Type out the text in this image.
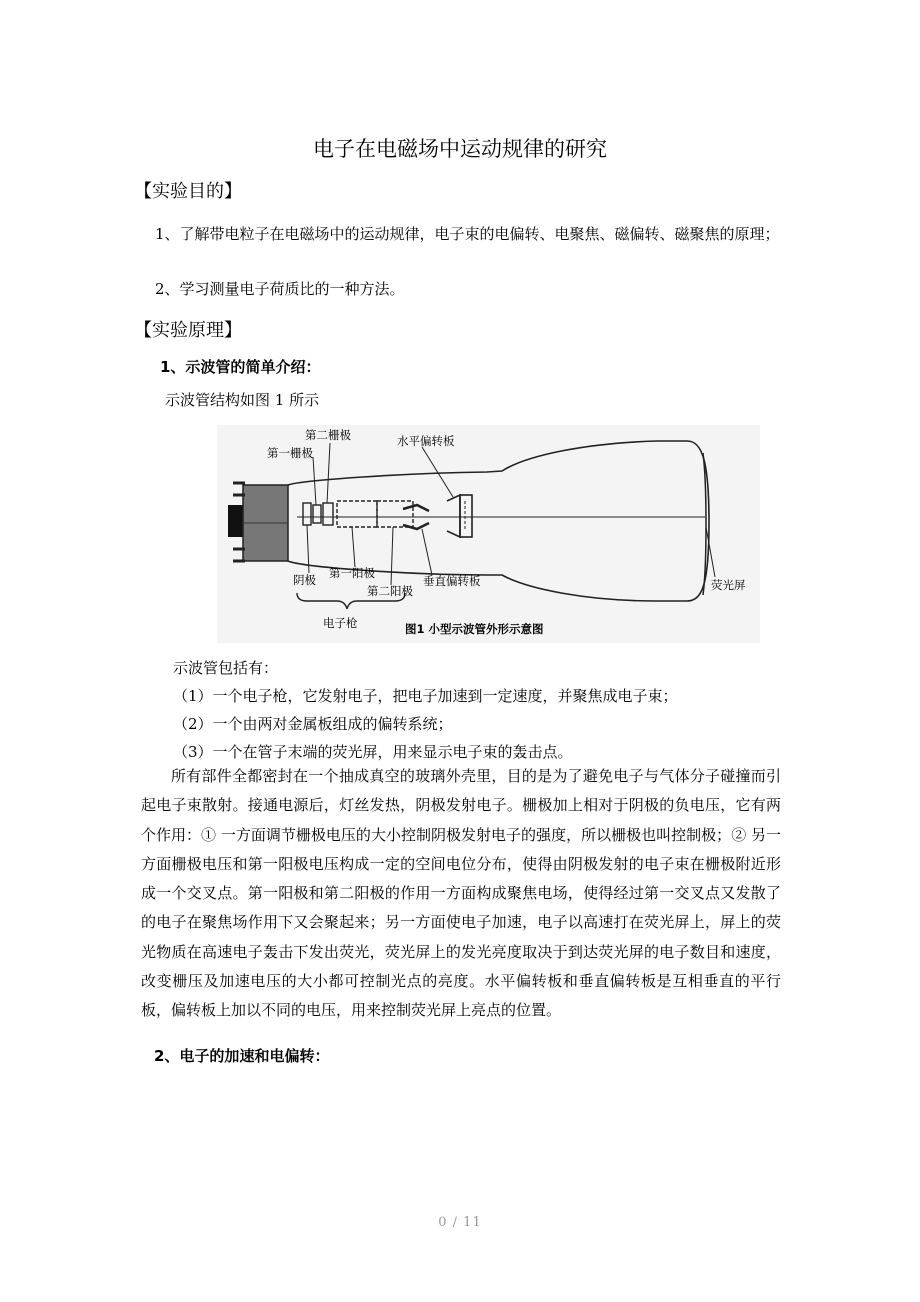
电子在电磁场中运动规律的研究
【实验目的】

1、了解带电粒子在电磁场中的运动规律，电子束的电偏转、电聚焦、磁偏转、磁聚焦的原理；

2、学习测量电子荷质比的一种方法。
【实验原理】
1、示波管的简单介绍：
示波管结构如图 1 所示
第二栅极
第一栅极
水平偏转板
阴极 第一阳极
第二阳极
垂直偏转板	荧光屏
电子枪	图1 小型示波管外形示意图
示波管包括有：
（1）一个电子枪，它发射电子，把电子加速到一定速度，并聚焦成电子束；
（2）一个由两对金属板组成的偏转系统；
（3）一个在管子末端的荧光屏，用来显示电子束的轰击点。

所有部件全都密封在一个抽成真空的玻璃外壳里，目的是为了避免电子与气体分子碰撞而引起电子束散射。接通电源后，灯丝发热，阴极发射电子。栅极加上相对于阴极的负电压，它有两个作用：① 一方面调节栅极电压的大小控制阴极发射电子的强度，所以栅极也叫控制极；② 另一方面栅极电压和第一阳极电压构成一定的空间电位分布，使得由阴极发射的电子束在栅极附近形成一个交叉点。第一阳极和第二阳极的作用一方面构成聚焦电场，使得经过第一交叉点又发散了的电子在聚焦场作用下又会聚起来；另一方面使电子加速，电子以高速打在荧光屏上，屏上的荧光物质在高速电子轰击下发出荧光，荧光屏上的发光亮度取决于到达荧光屏的电子数目和速度，改变栅压及加速电压的大小都可控制光点的亮度。水平偏转板和垂直偏转板是互相垂直的平行板，偏转板上加以不同的电压，用来控制荧光屏上亮点的位置。

2、电子的加速和电偏转：
0 / 11
